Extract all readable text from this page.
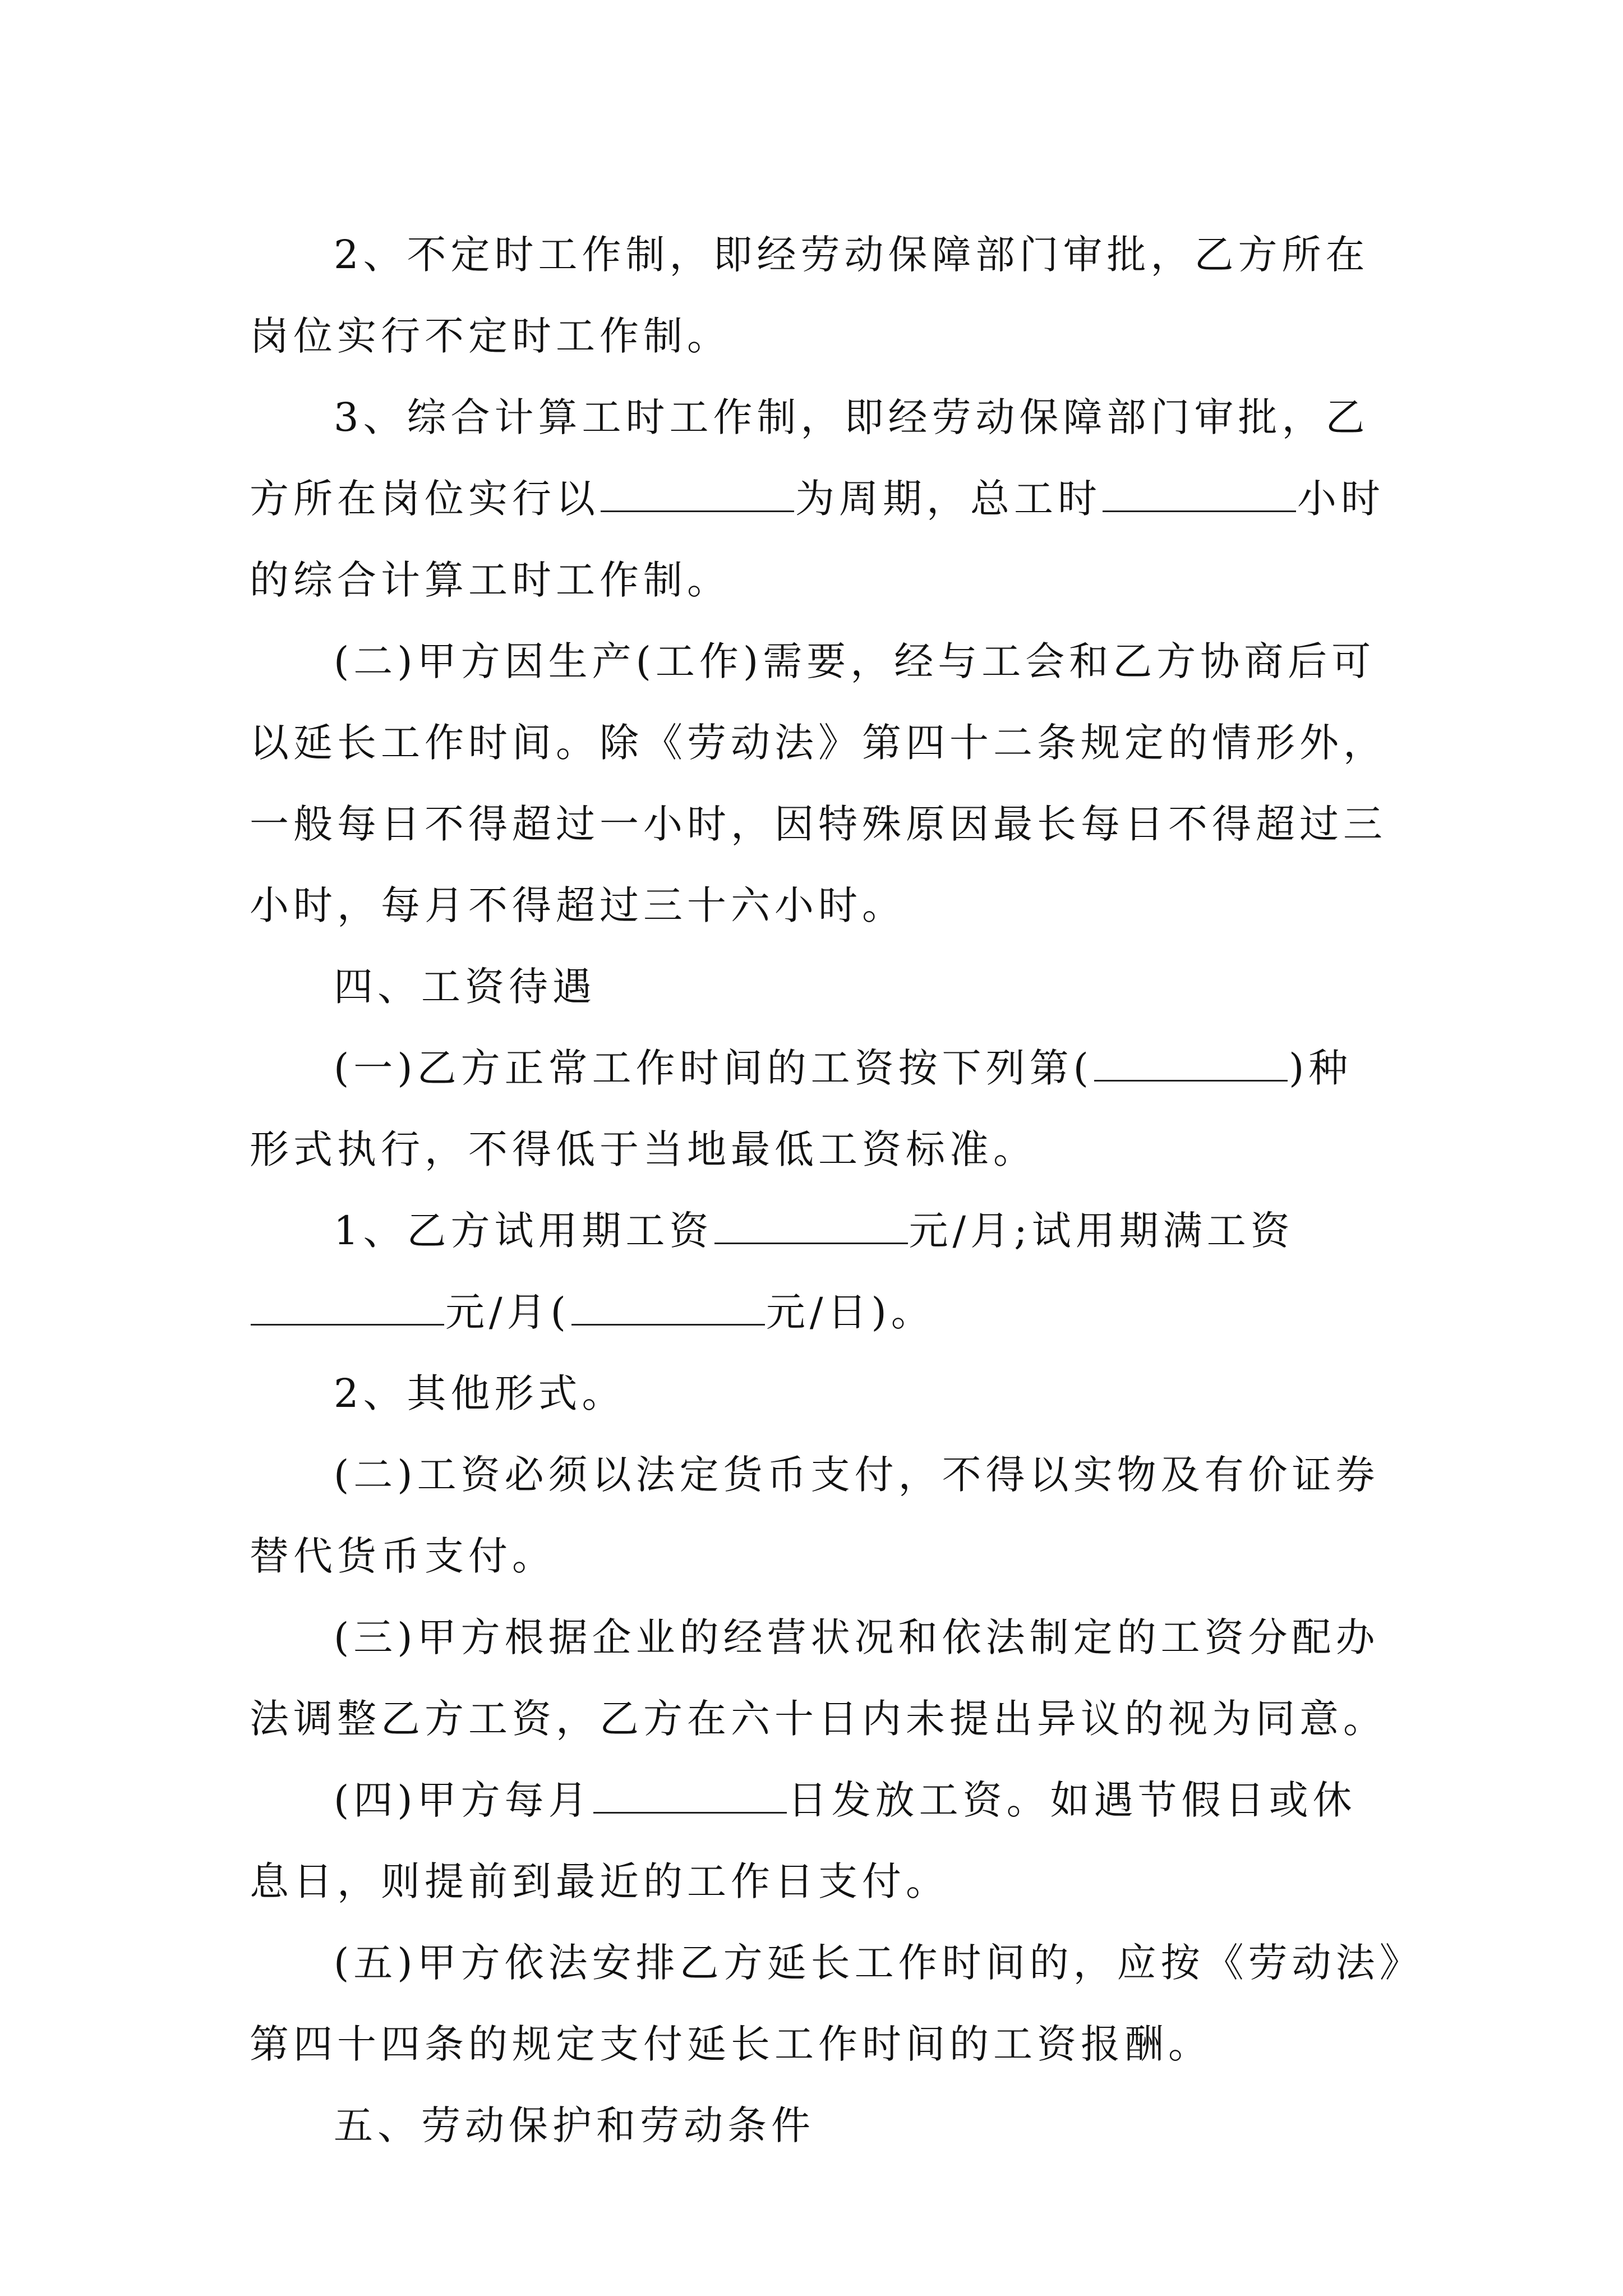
2、不定时工作制，即经劳动保障部门审批，乙方所在
岗位实行不定时工作制。
3、综合计算工时工作制，即经劳动保障部门审批，乙
方所在岗位实行以	为周期，总工时	小时
的综合计算工时工作制。
(二)甲方因生产(工作)需要，经与工会和乙方协商后可
以延长工作时间。除《劳动法》第四十二条规定的情形外，
一般每日不得超过一小时，因特殊原因最长每日不得超过三
小时，每月不得超过三十六小时。
四、工资待遇
(一)乙方正常工作时间的工资按下列第(	)种
形式执行，不得低于当地最低工资标准。
1、乙方试用期工资	元/月;试用期满工资
元/月(	元/日)。
2、其他形式。
(二)工资必须以法定货币支付，不得以实物及有价证券
替代货币支付。
(三)甲方根据企业的经营状况和依法制定的工资分配办
法调整乙方工资，乙方在六十日内未提出异议的视为同意。
(四)甲方每月	日发放工资。如遇节假日或休
息日，则提前到最近的工作日支付。
(五)甲方依法安排乙方延长工作时间的，应按《劳动法》
第四十四条的规定支付延长工作时间的工资报酬。
五、劳动保护和劳动条件
